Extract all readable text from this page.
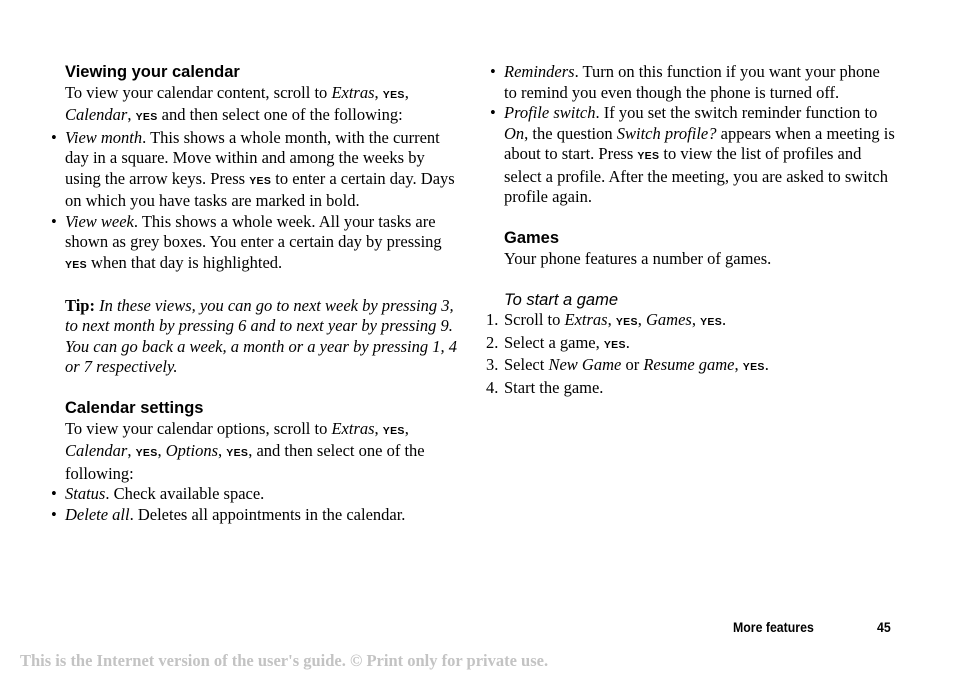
Viewing your calendar

To view your calendar content, scroll to Extras, YES,
Calendar, YES and then select one of the following:

• View month. This shows a whole month, with the current day in a square. Move within and among the weeks by using the arrow keys. Press YES to enter a certain day. Days on which you have tasks are marked in bold.
• View week. This shows a whole week. All your tasks are shown as grey boxes. You enter a certain day by pressing YES when that day is highlighted.

Tip: In these views, you can go to next week by pressing 3, to next month by pressing 6 and to next year by pressing 9. You can go back a week, a month or a year by pressing 1, 4 or 7 respectively.

Calendar settings

To view your calendar options, scroll to Extras, YES,
Calendar, YES, Options, YES, and then select one of the following:

• Status. Check available space.
• Delete all. Deletes all appointments in the calendar.
• Reminders. Turn on this function if you want your phone to remind you even though the phone is turned off.
• Profile switch. If you set the switch reminder function to On, the question Switch profile? appears when a meeting is about to start. Press YES to view the list of profiles and select a profile. After the meeting, you are asked to switch profile again.
Games

Your phone features a number of games.

To start a game
1. Scroll to Extras, YES, Games, YES.
2. Select a game, YES.
3. Select New Game or Resume game, YES.
4. Start the game.
More features	45
This is the Internet version of the user's guide. © Print only for private use.
